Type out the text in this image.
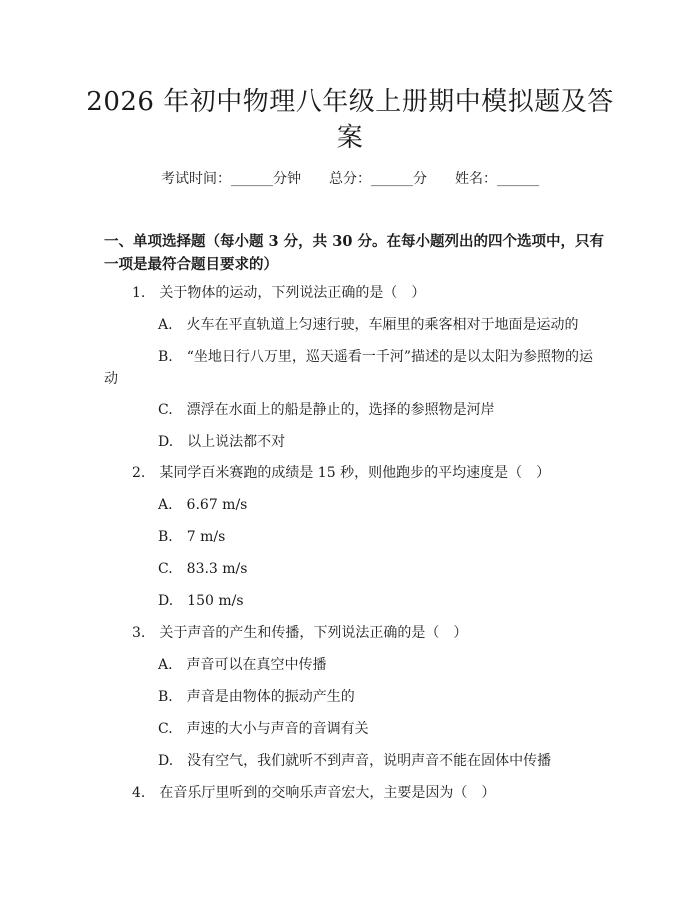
2026 年初中物理八年级上册期中模拟题及答
案
考试时间：______分钟 总分：______分 姓名：______
一、单项选择题（每小题 3 分，共 30 分。在每小题列出的四个选项中，只有一项是最符合题目要求的）
1.　关于物体的运动，下列说法正确的是（　）
A.　火车在平直轨道上匀速行驶，车厢里的乘客相对于地面是运动的
B.　“坐地日行八万里，巡天遥看一千河”描述的是以太阳为参照物的运
动
C.　漂浮在水面上的船是静止的，选择的参照物是河岸
D.　以上说法都不对
2.　某同学百米赛跑的成绩是 15 秒，则他跑步的平均速度是（　）
A.　6.67 m/s
B.　7 m/s
C.　83.3 m/s
D.　150 m/s
3.　关于声音的产生和传播，下列说法正确的是（　）
A.　声音可以在真空中传播
B.　声音是由物体的振动产生的
C.　声速的大小与声音的音调有关
D.　没有空气，我们就听不到声音，说明声音不能在固体中传播
4.　在音乐厅里听到的交响乐声音宏大，主要是因为（　）
